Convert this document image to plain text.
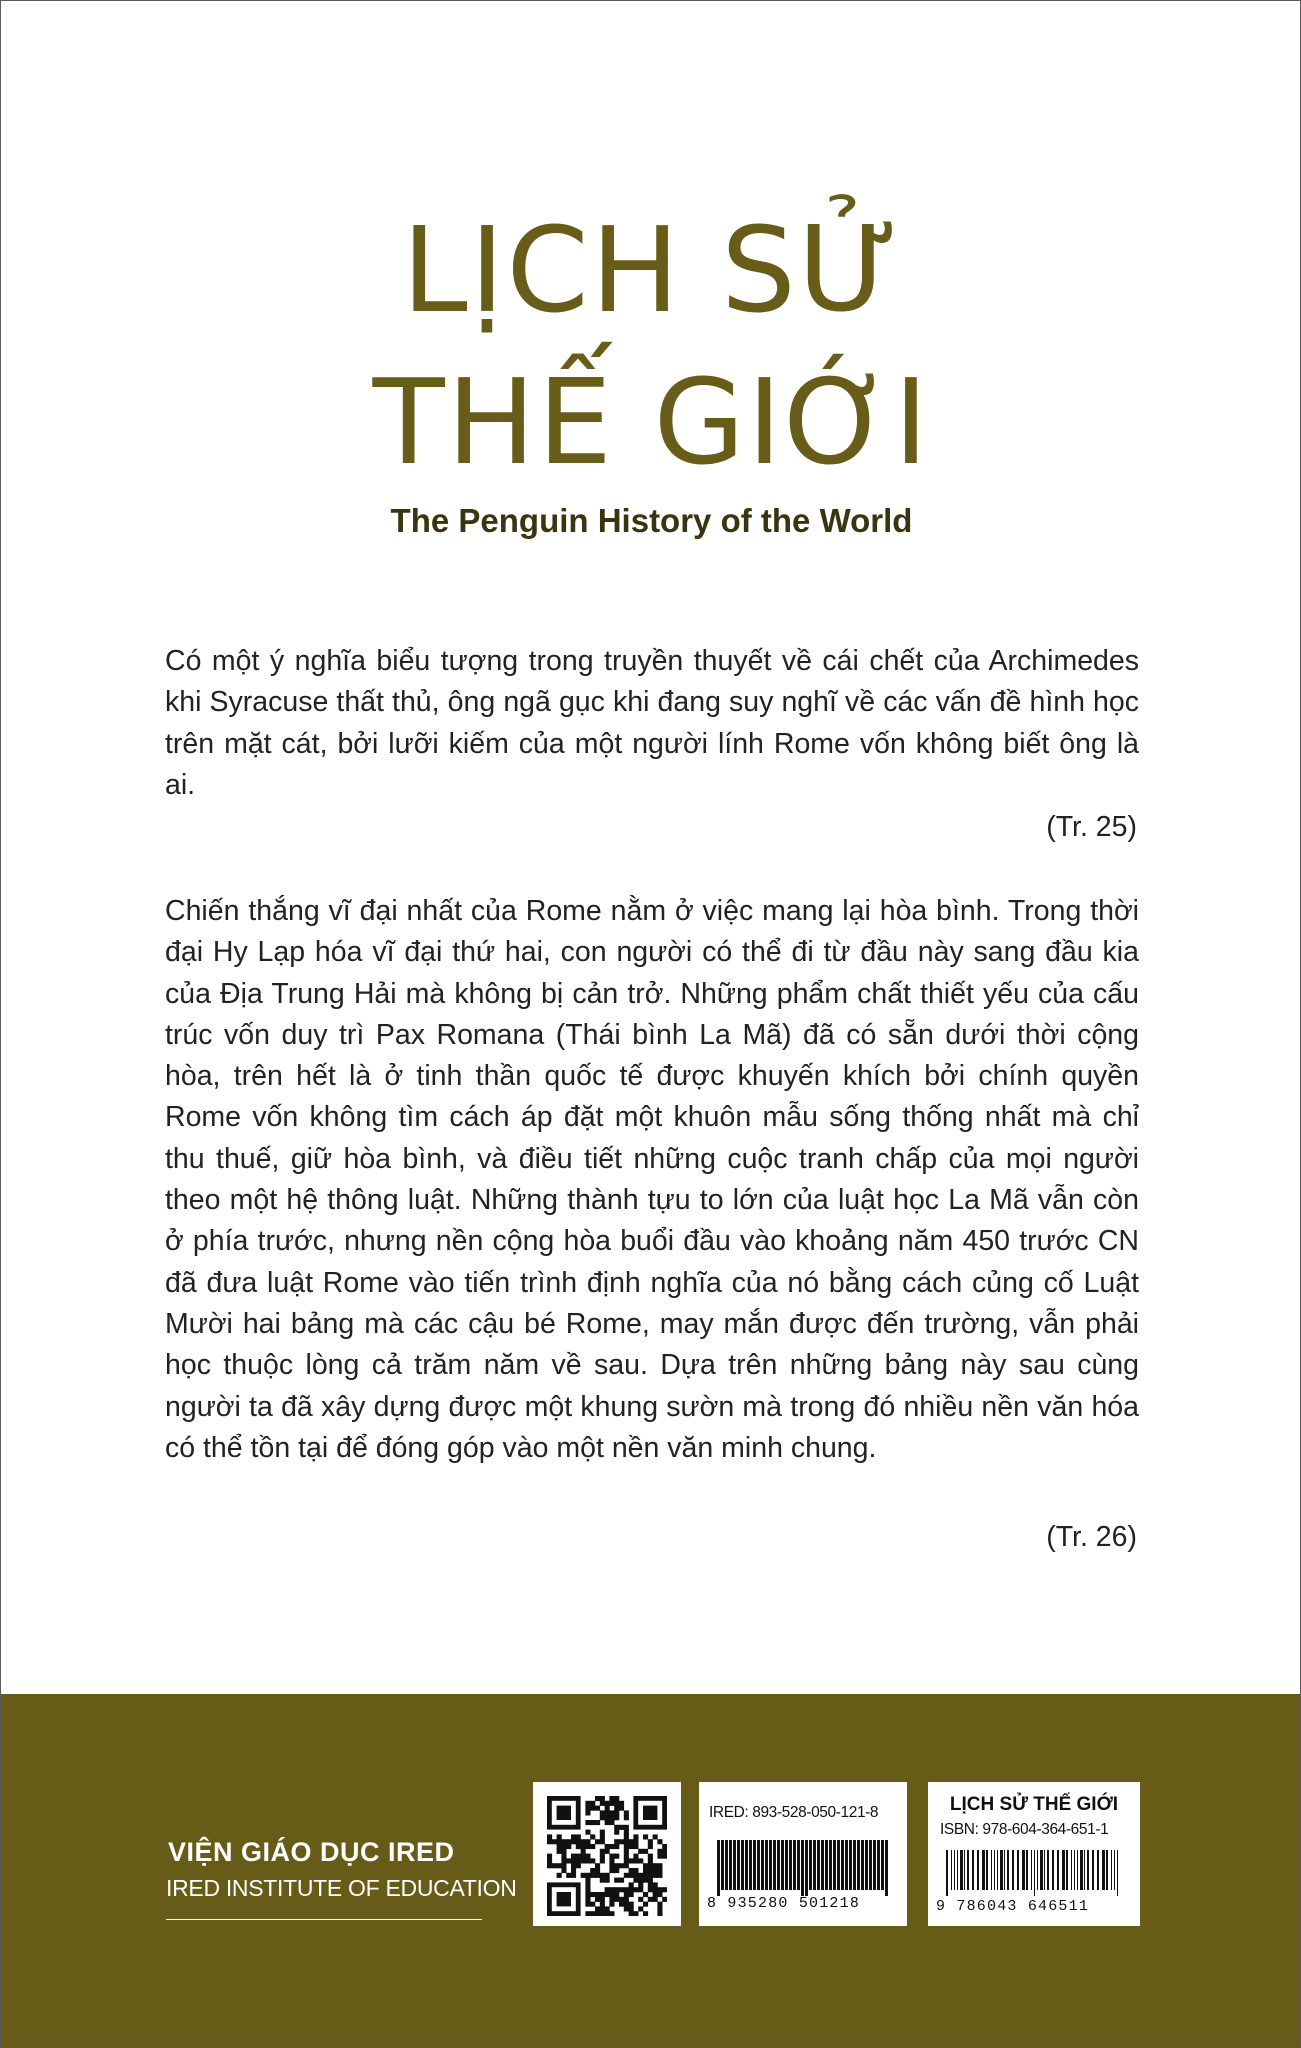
LỊCH SỬ
THẾ GIỚI
The Penguin History of the World

Có một ý nghĩa biểu tượng trong truyền thuyết về cái chết của Archimedes khi Syracuse thất thủ, ông ngã gục khi đang suy nghĩ về các vấn đề hình học trên mặt cát, bởi lưỡi kiếm của một người lính Rome vốn không biết ông là ai.

(Tr. 25)

Chiến thắng vĩ đại nhất của Rome nằm ở việc mang lại hòa bình. Trong thời đại Hy Lạp hóa vĩ đại thứ hai, con người có thể đi từ đầu này sang đầu kia của Địa Trung Hải mà không bị cản trở. Những phẩm chất thiết yếu của cấu trúc vốn duy trì Pax Romana (Thái bình La Mã) đã có sẵn dưới thời cộng hòa, trên hết là ở tinh thần quốc tế được khuyến khích bởi chính quyền Rome vốn không tìm cách áp đặt một khuôn mẫu sống thống nhất mà chỉ thu thuế, giữ hòa bình, và điều tiết những cuộc tranh chấp của mọi người theo một hệ thông luật. Những thành tựu to lớn của luật học La Mã vẫn còn ở phía trước, nhưng nền cộng hòa buổi đầu vào khoảng năm 450 trước CN đã đưa luật Rome vào tiến trình định nghĩa của nó bằng cách củng cố Luật Mười hai bảng mà các cậu bé Rome, may mắn được đến trường, vẫn phải học thuộc lòng cả trăm năm về sau. Dựa trên những bảng này sau cùng người ta đã xây dựng được một khung sườn mà trong đó nhiều nền văn hóa có thể tồn tại để đóng góp vào một nền văn minh chung.

(Tr. 26)
VIỆN GIÁO DỤC IRED
IRED INSTITUTE OF EDUCATION
IRED: 893-528-050-121-8
8 935280 501218
LỊCH SỬ THẾ GIỚI
ISBN: 978-604-364-651-1
9 786043 646511
